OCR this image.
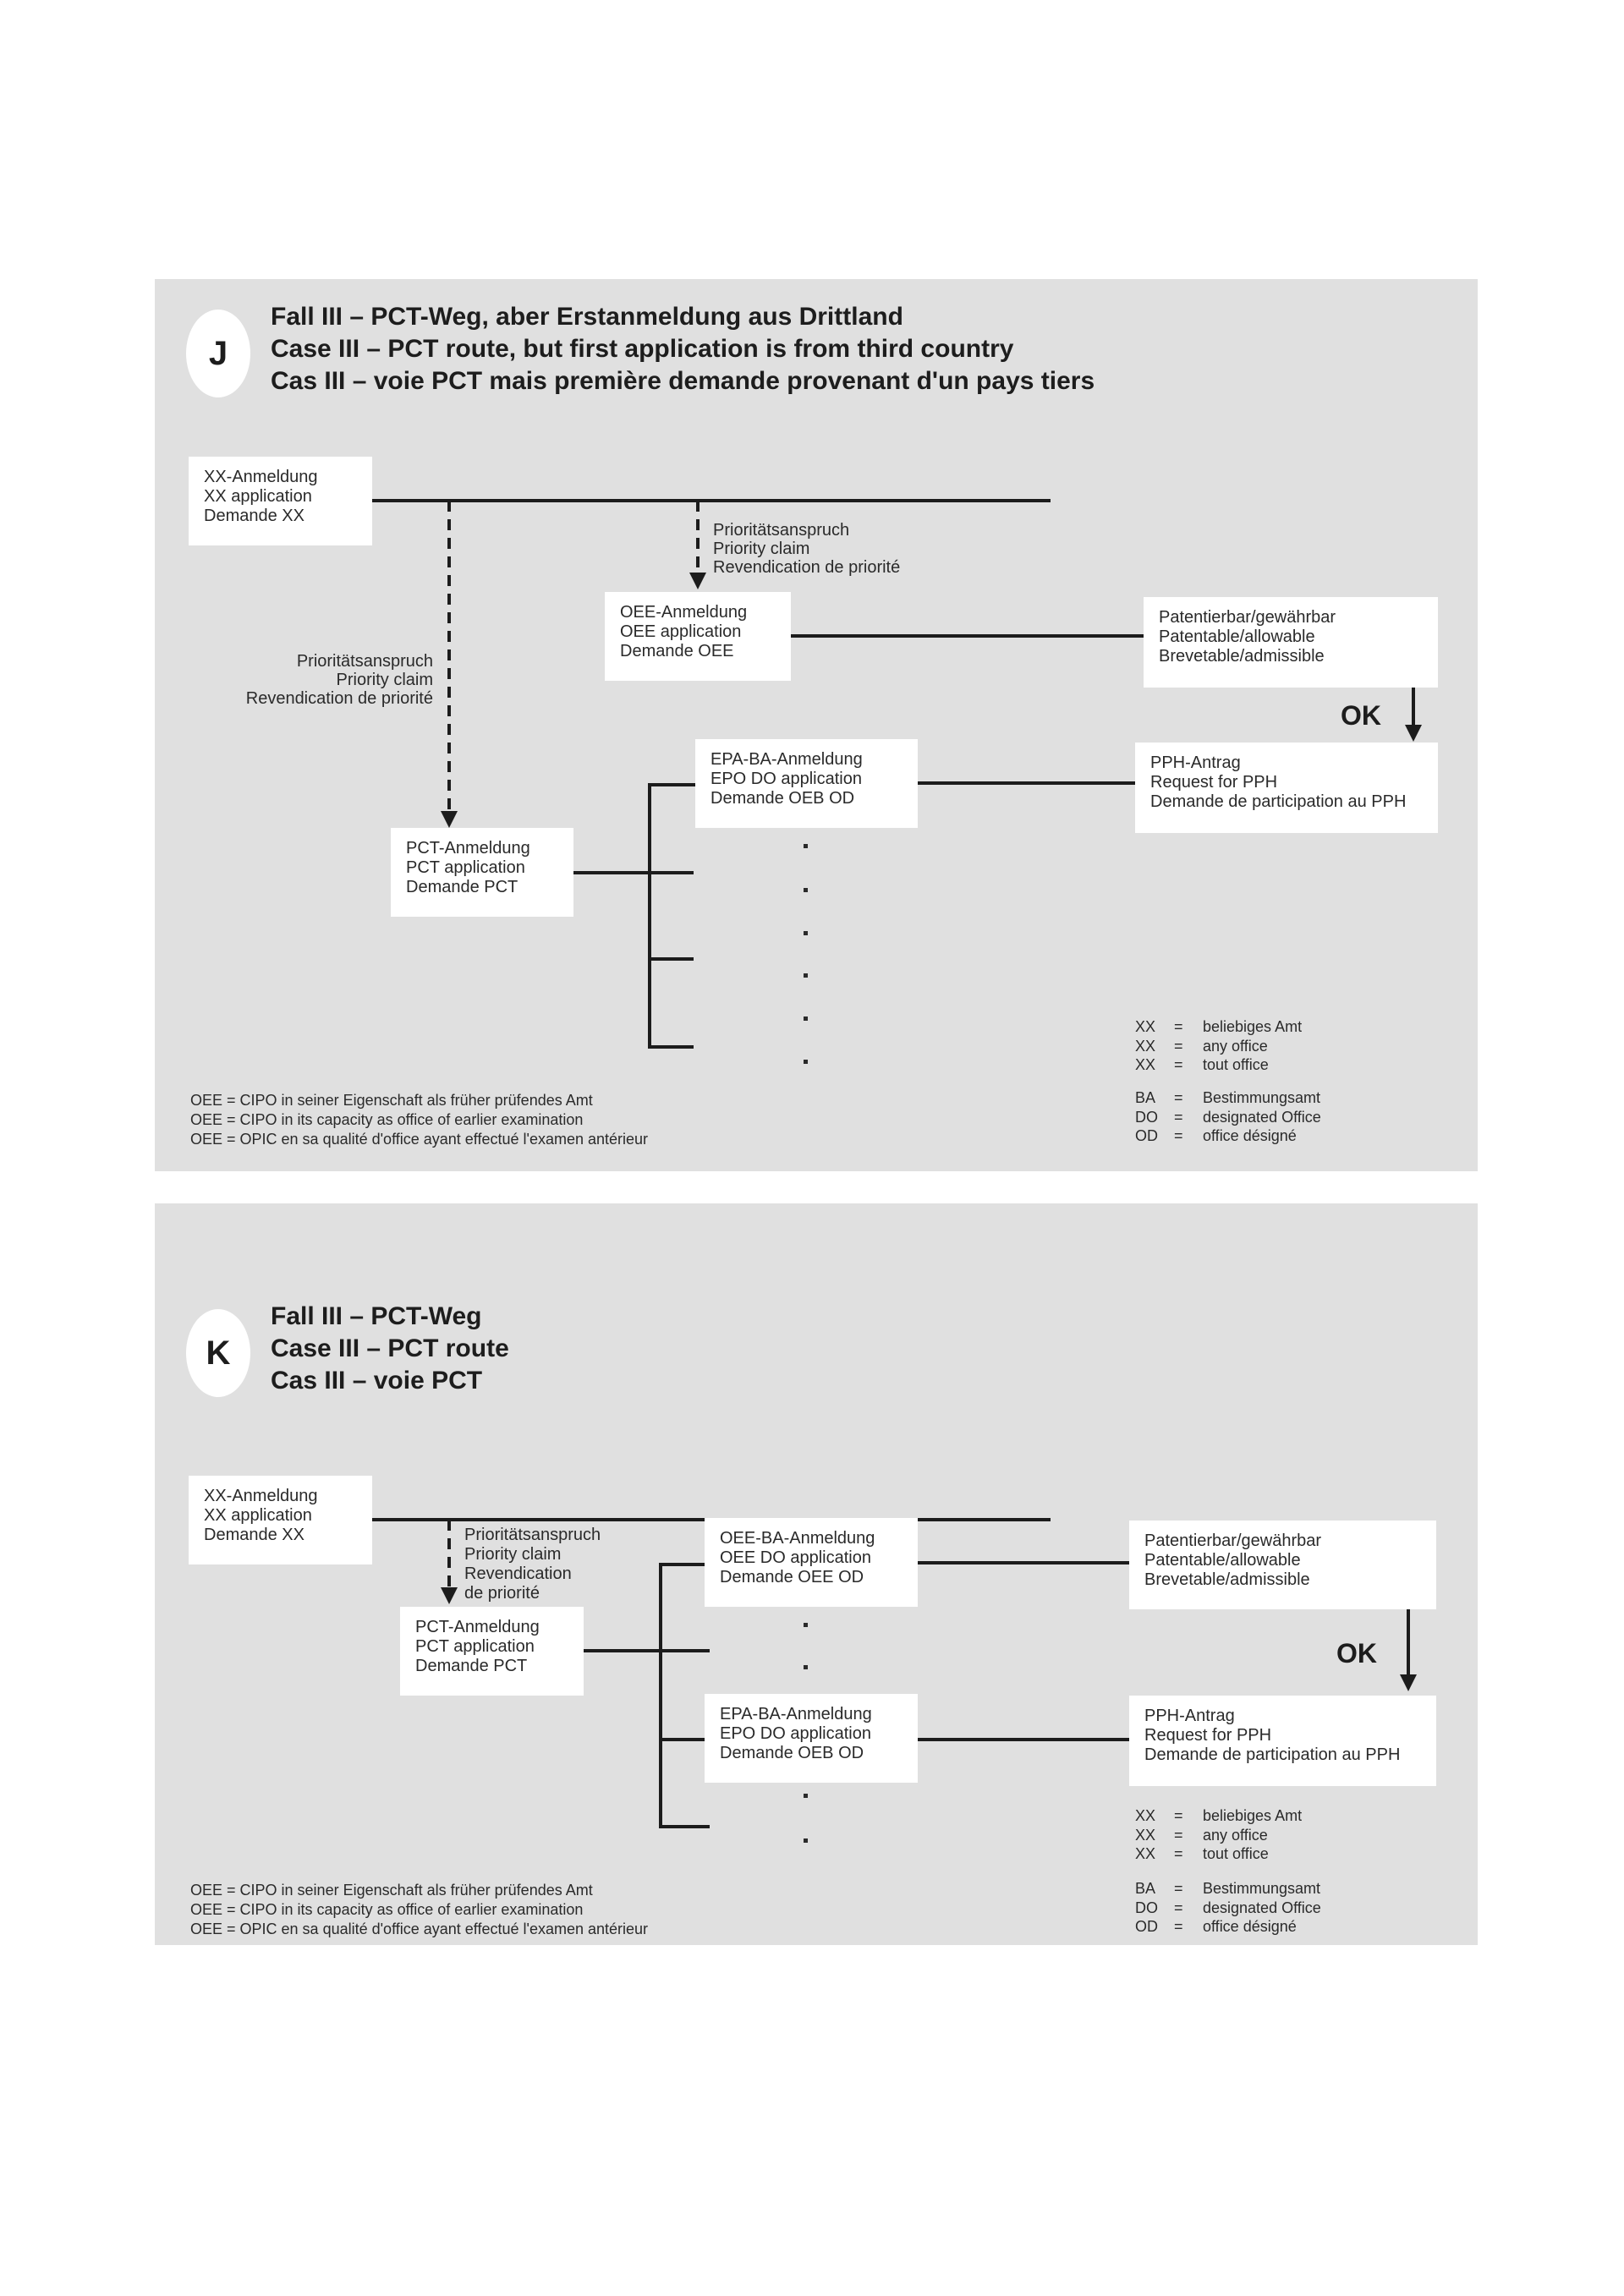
J
Fall III – PCT-Weg, aber Erstanmeldung aus Drittland
Case III – PCT route, but first application is from third country
Cas III – voie PCT mais première demande provenant d'un pays tiers
XX-Anmeldung
XX application
Demande XX
Prioritätsanspruch
Priority claim
Revendication de priorité
Prioritätsanspruch
Priority claim
Revendication de priorité
OEE-Anmeldung
OEE application
Demande OEE
Patentierbar/gewährbar
Patentable/allowable
Brevetable/admissible
OK
PPH-Antrag
Request for PPH
Demande de participation au PPH
EPA-BA-Anmeldung
EPO DO application
Demande OEB OD
PCT-Anmeldung
PCT application
Demande PCT
OEE = CIPO in seiner Eigenschaft als früher prüfendes Amt
OEE = CIPO in its capacity as office of earlier examination
OEE = OPIC en sa qualité d'office ayant effectué l'examen antérieur
XX	=	beliebiges Amt
XX	=	any office
XX	=	tout office
BA	=	Bestimmungsamt
DO	=	designated Office
OD	=	office désigné
K
Fall III – PCT-Weg
Case III – PCT route
Cas III – voie PCT
XX-Anmeldung
XX application
Demande XX	Prioritätsanspruch
Priority claim
Revendication
de priorité
PCT-Anmeldung
PCT application
Demande PCT
OEE-BA-Anmeldung
OEE DO application
Demande OEE OD
Patentierbar/gewährbar
Patentable/allowable
Brevetable/admissible
OK
PPH-Antrag
Request for PPH
Demande de participation au PPH
EPA-BA-Anmeldung
EPO DO application
Demande OEB OD
OEE = CIPO in seiner Eigenschaft als früher prüfendes Amt
OEE = CIPO in its capacity as office of earlier examination
OEE = OPIC en sa qualité d'office ayant effectué l'examen antérieur
XX	=	beliebiges Amt
XX	=	any office
XX	=	tout office
BA	=	Bestimmungsamt
DO	=	designated Office
OD	=	office désigné
